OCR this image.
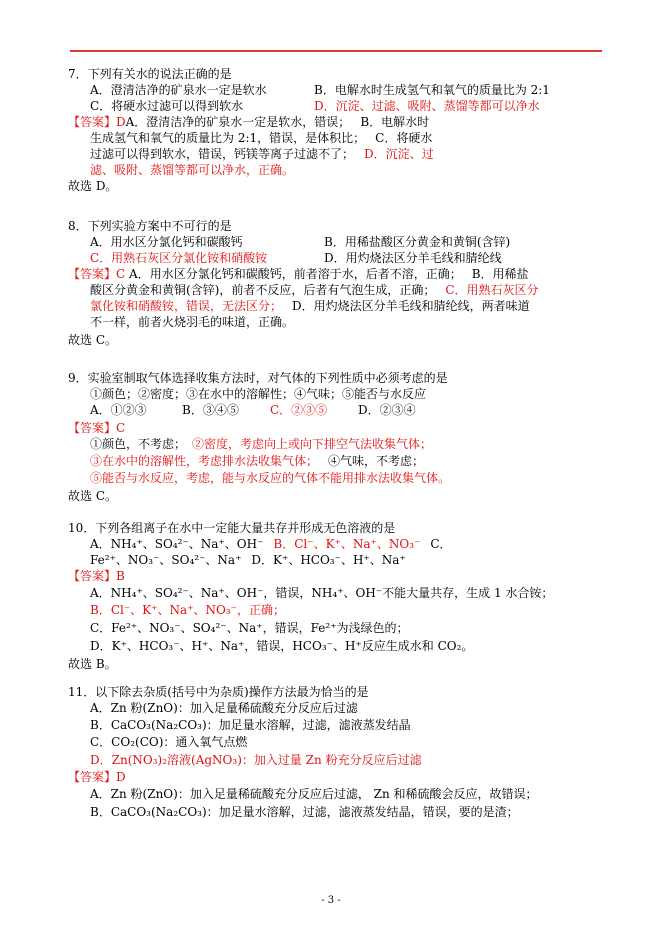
7．下列有关水的说法正确的是
A．澄清洁净的矿泉水一定是软水	B．电解水时生成氢气和氧气的质量比为 2:1
C．将硬水过滤可以得到软水	D．沉淀、过滤、吸附、蒸馏等都可以净水
【答案】DA．澄清洁净的矿泉水一定是软水，错误； B．电解水时
生成氢气和氧气的质量比为 2:1，错误，是体积比； C．将硬水
过滤可以得到软水，错误，钙镁等离子过滤不了； D．沉淀、过
滤、吸附、蒸馏等都可以净水，正确。
故选 D。
8．下列实验方案中不可行的是
A．用水区分氯化钙和碳酸钙	B．用稀盐酸区分黄金和黄铜(含锌)
C．用熟石灰区分氯化铵和硝酸铵	D．用灼烧法区分羊毛线和腈纶线
【答案】C A．用水区分氯化钙和碳酸钙，前者溶于水，后者不溶，正确； B．用稀盐
酸区分黄金和黄铜(含锌)，前者不反应，后者有气泡生成，正确； C．用熟石灰区分
氯化铵和硝酸铵，错误，无法区分； D．用灼烧法区分羊毛线和腈纶线，两者味道
不一样，前者火烧羽毛的味道，正确。
故选 C。
9．实验室制取气体选择收集方法时，对气体的下列性质中必须考虑的是
①颜色；②密度；③在水中的溶解性；④气味；⑤能否与水反应
A．①②③	B．③④⑤	C．②③⑤	D．②③④
【答案】C
①颜色，不考虑； ②密度，考虑向上或向下排空气法收集气体；
③在水中的溶解性，考虑排水法收集气体； ④气味，不考虑；
⑤能否与水反应，考虑，能与水反应的气体不能用排水法收集气体。
故选 C。
10．下列各组离子在水中一定能大量共存并形成无色溶液的是
A．NH₄⁺、SO₄²⁻、Na⁺、OH⁻ B．Cl⁻、K⁺、Na⁺、NO₃⁻ C．
Fe²⁺、NO₃⁻、SO₄²⁻、Na⁺ D．K⁺、HCO₃⁻、H⁺、Na⁺
【答案】B
A．NH₄⁺、SO₄²⁻、Na⁺、OH⁻，错误，NH₄⁺、OH⁻不能大量共存，生成 1 水合铵；
B．Cl⁻、K⁺、Na⁺、NO₃⁻，正确；
C．Fe²⁺、NO₃⁻、SO₄²⁻、Na⁺，错误，Fe²⁺为浅绿色的；
D．K⁺、HCO₃⁻、H⁺、Na⁺，错误，HCO₃⁻、H⁺反应生成水和 CO₂。
故选 B。
11．以下除去杂质(括号中为杂质)操作方法最为恰当的是
A．Zn 粉(ZnO)：加入足量稀硫酸充分反应后过滤
B．CaCO₃(Na₂CO₃)：加足量水溶解，过滤，滤液蒸发结晶
C．CO₂(CO)：通入氧气点燃
D．Zn(NO₃)₂溶液(AgNO₃)：加入过量 Zn 粉充分反应后过滤
【答案】D
A．Zn 粉(ZnO)：加入足量稀硫酸充分反应后过滤， Zn 和稀硫酸会反应，故错误；
B．CaCO₃(Na₂CO₃)：加足量水溶解，过滤，滤液蒸发结晶，错误，要的是渣；
- 3 -
